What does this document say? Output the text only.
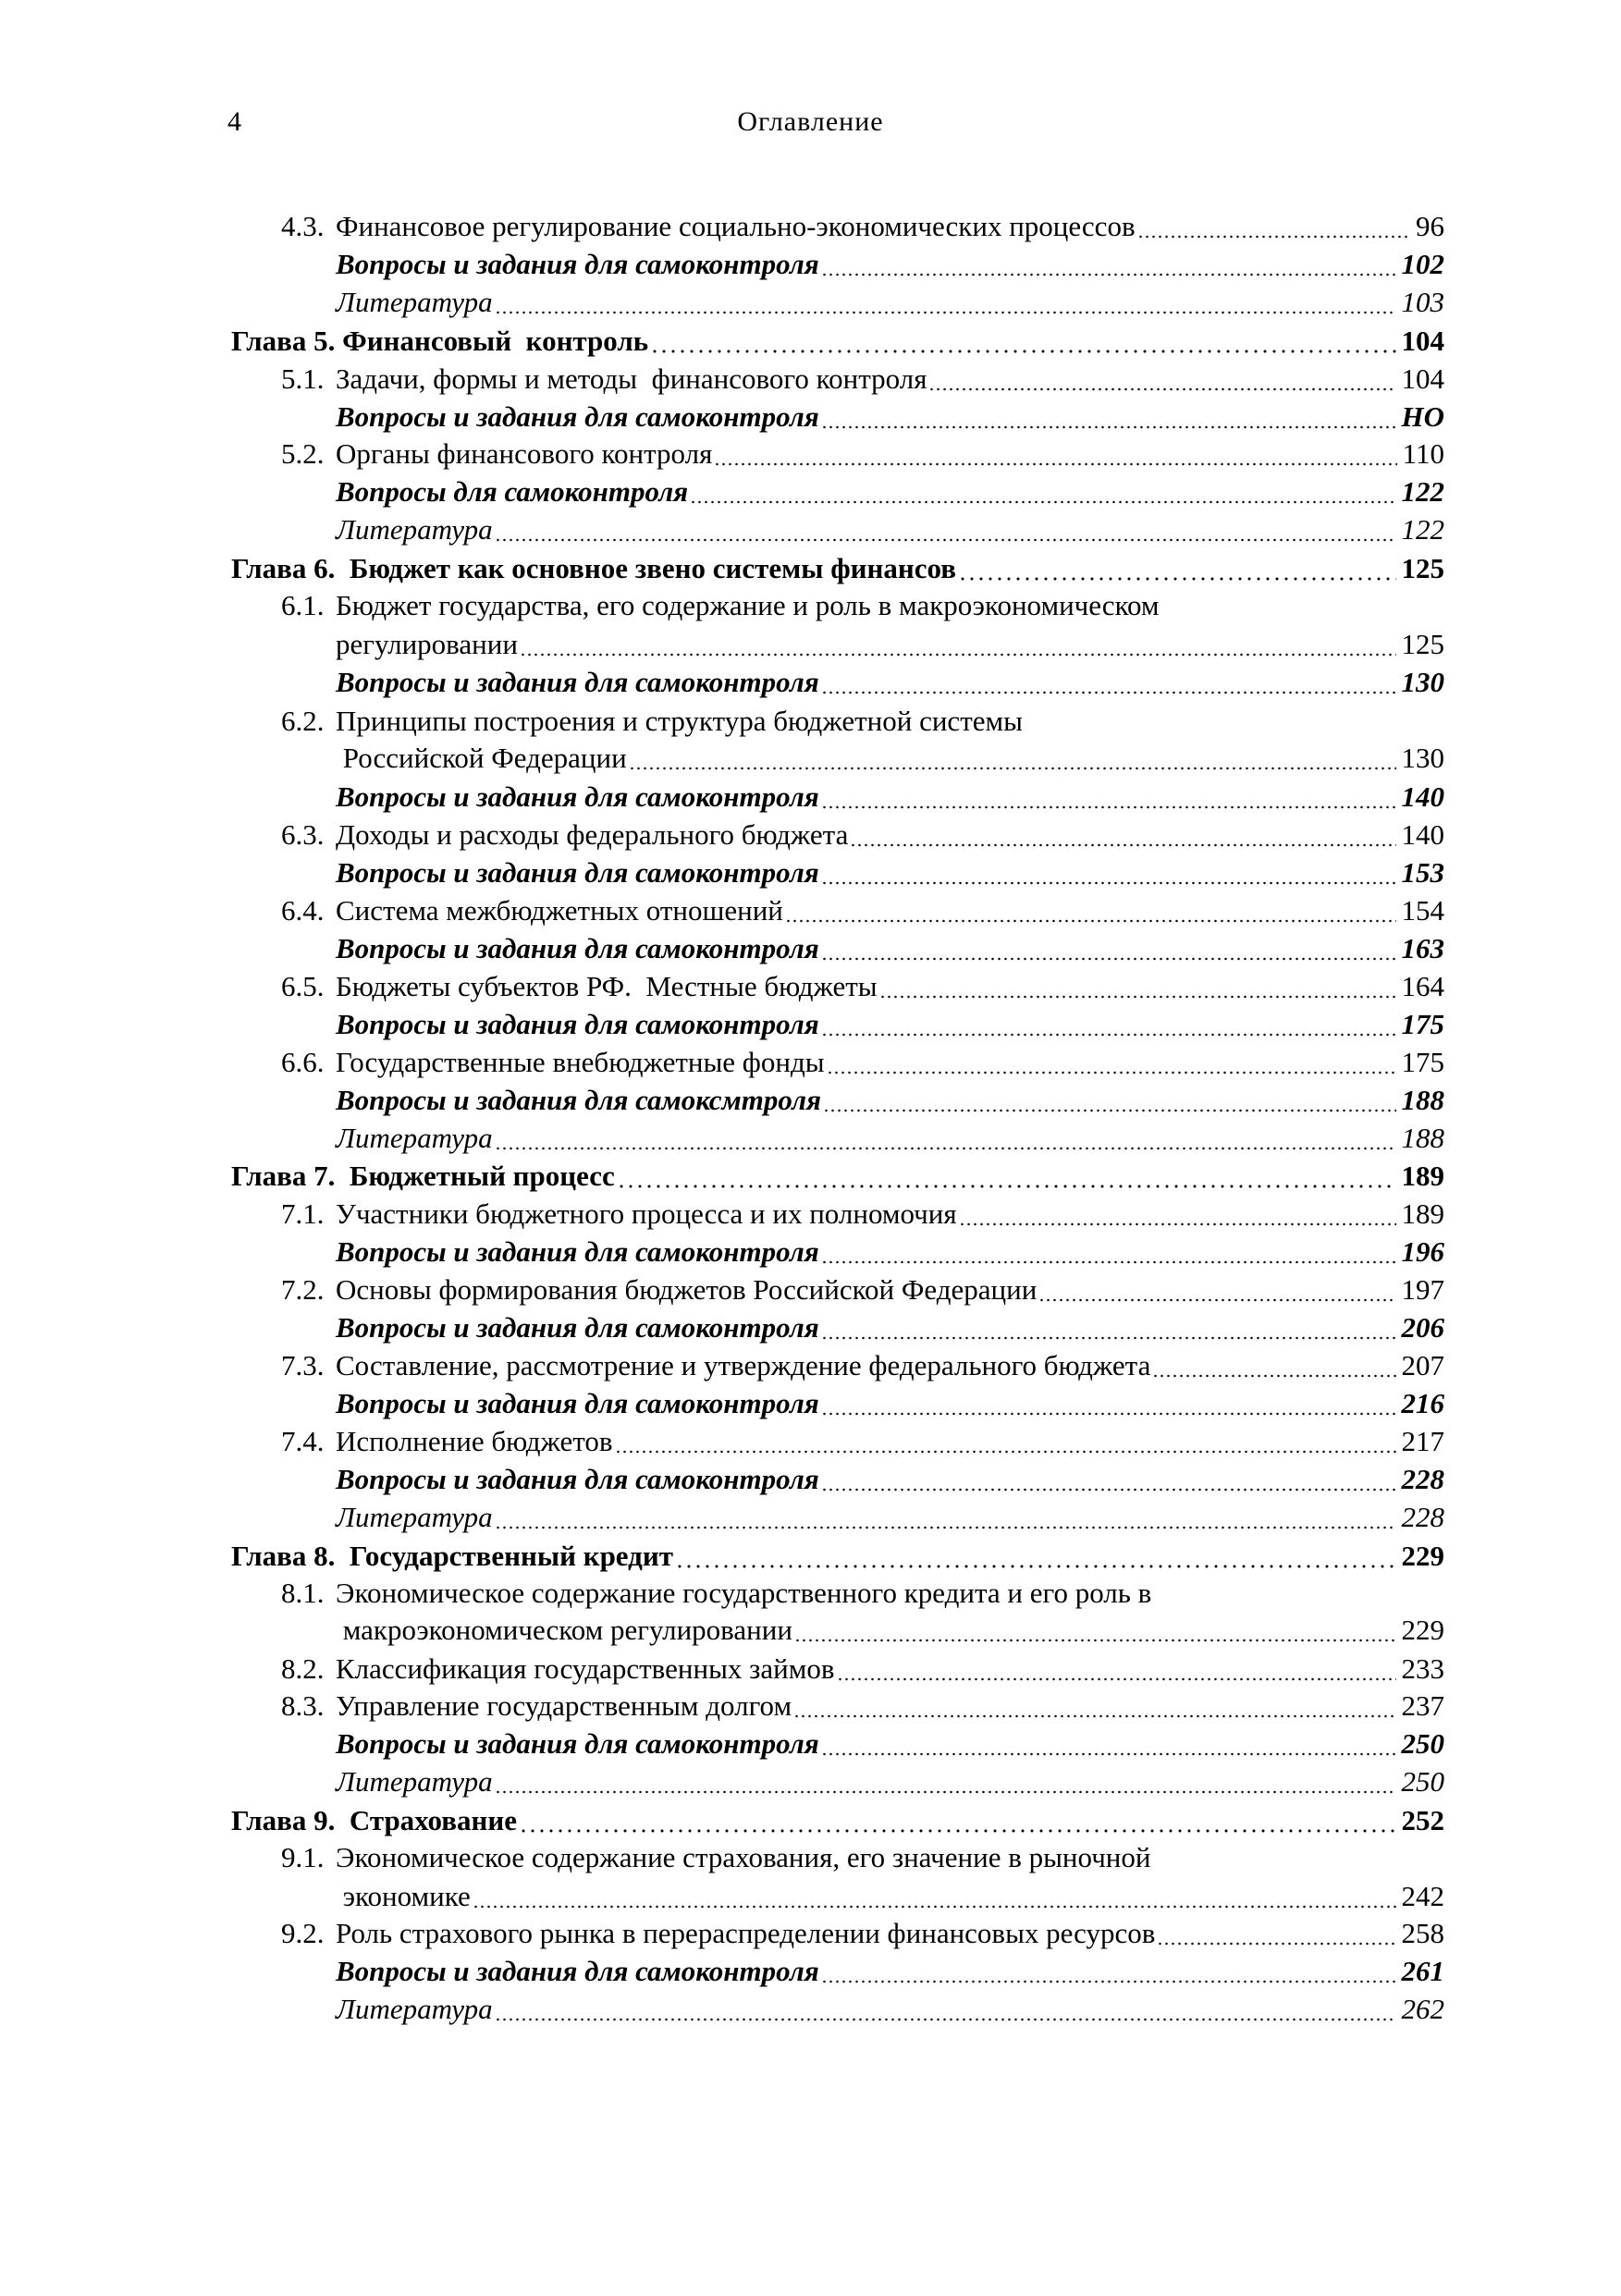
4	Оглавление
4.3. Финансовое регулирование социально-экономических процессов	96
Вопросы и задания для самоконтроля	102
Литература	103
Глава 5. Финансовый  контроль	104
5.1. Задачи, формы и методы  финансового контроля	104
Вопросы и задания для самоконтроля	НО
5.2. Органы финансового контроля	110
Вопросы для самоконтроля	122
Литература	122
Глава 6.  Бюджет как основное звено системы финансов	125
6.1. Бюджет государства, его содержание и роль в макроэкономическом
регулировании	125
Вопросы и задания для самоконтроля	130
6.2. Принципы построения и структура бюджетной системы
Российской Федерации	130
Вопросы и задания для самоконтроля	140
6.3. Доходы и расходы федерального бюджета	140
Вопросы и задания для самоконтроля	153
6.4. Система межбюджетных отношений	154
Вопросы и задания для самоконтроля	163
6.5. Бюджеты субъектов РФ.  Местные бюджеты	164
Вопросы и задания для самоконтроля	175
6.6. Государственные внебюджетные фонды	175
Вопросы и задания для самоксмтроля	188
Литература	188
Глава 7.  Бюджетный процесс	189
7.1. Участники бюджетного процесса и их полномочия	189
Вопросы и задания для самоконтроля	196
7.2. Основы формирования бюджетов Российской Федерации	197
Вопросы и задания для самоконтроля	206
7.3. Составление, рассмотрение и утверждение федерального бюджета	207
Вопросы и задания для самоконтроля	216
7.4. Исполнение бюджетов	217
Вопросы и задания для самоконтроля	228
Литература	228
Глава 8.  Государственный кредит	229
8.1. Экономическое содержание государственного кредита и его роль в
макроэкономическом регулировании	229
8.2. Классификация государственных займов	233
8.3. Управление государственным долгом	237
Вопросы и задания для самоконтроля	250
Литература	250
Глава 9.  Страхование	252
9.1. Экономическое содержание страхования, его значение в рыночной
экономике	242
9.2. Роль страхового рынка в перераспределении финансовых ресурсов	258
Вопросы и задания для самоконтроля	261
Литература	262
